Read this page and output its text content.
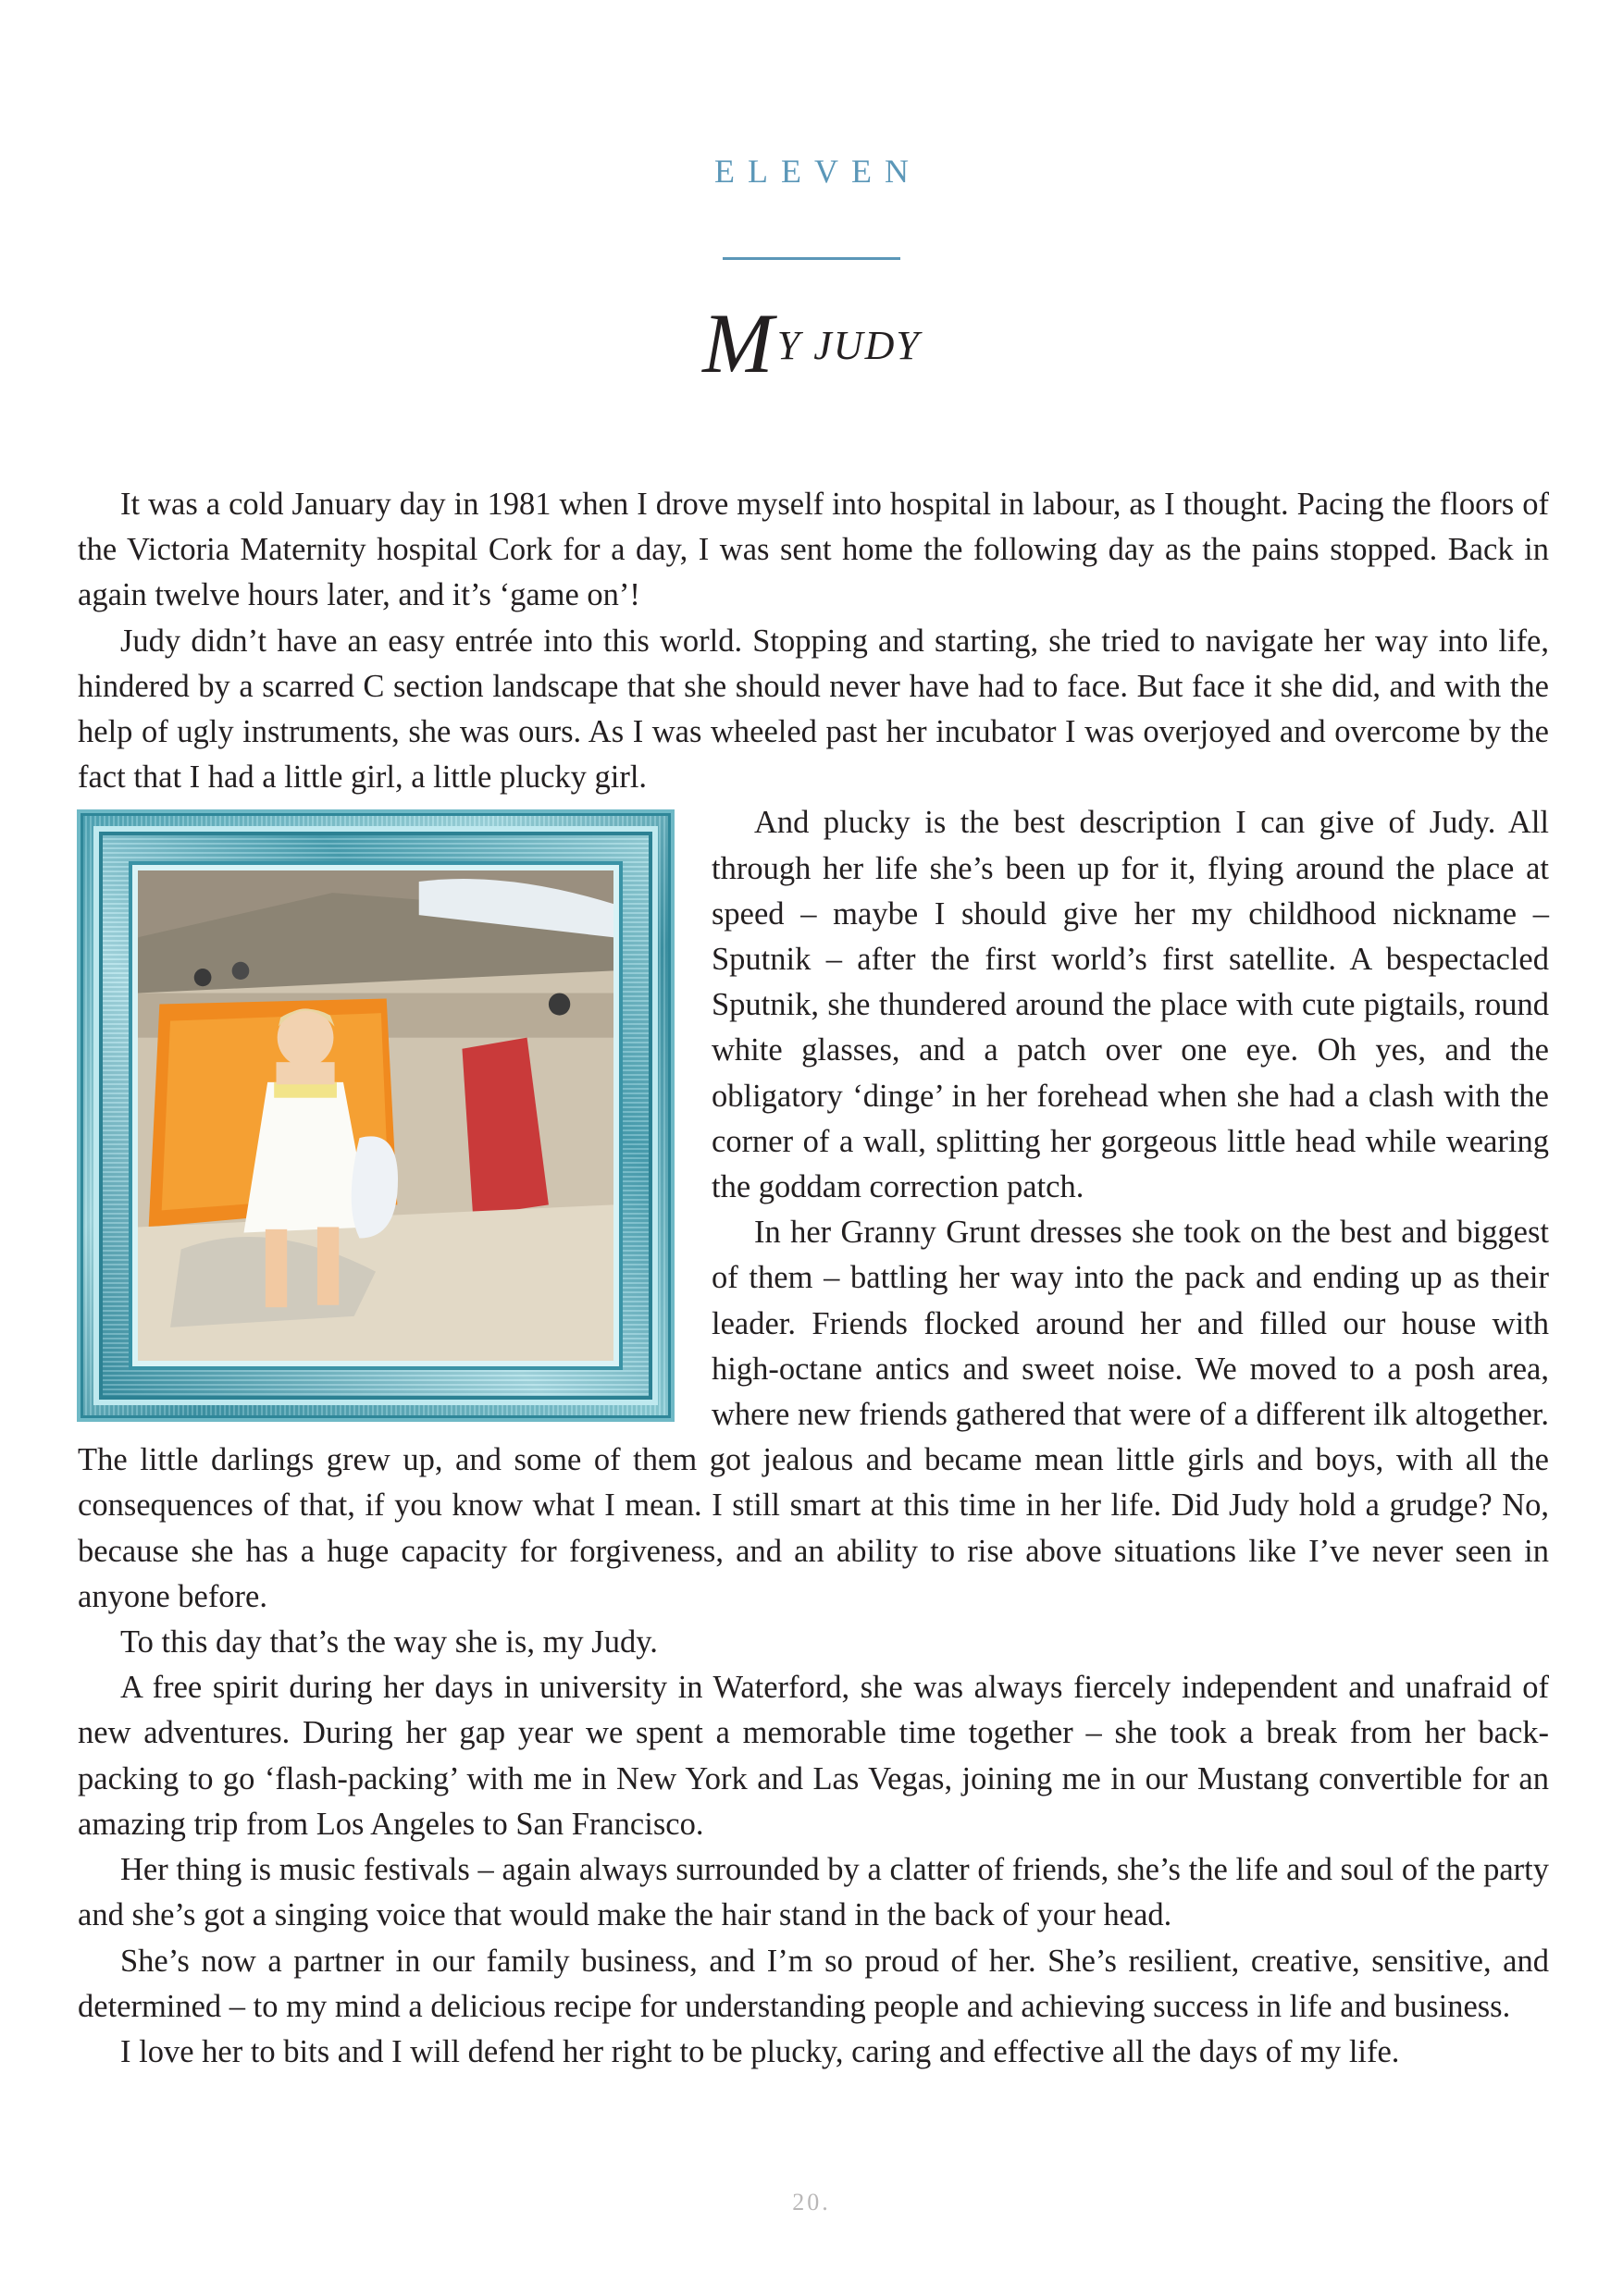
ELEVEN
MY JUDY

It was a cold January day in 1981 when I drove myself into hospital in labour, as I thought. Pacing the floors of the Victoria Maternity hospital Cork for a day, I was sent home the following day as the pains stopped. Back in again twelve hours later, and it’s ‘game on’!

Judy didn’t have an easy entrée into this world. Stopping and starting, she tried to navigate her way into life, hindered by a scarred C section landscape that she should never have had to face. But face it she did, and with the help of ugly instruments, she was ours. As I was wheeled past her incubator I was overjoyed and overcome by the fact that I had a little girl, a little plucky girl.

And plucky is the best description I can give of Judy. All through her life she’s been up for it, flying around the place at speed – maybe I should give her my childhood nickname – Sputnik – after the first world’s first satellite. A bespectacled Sputnik, she thundered around the place with cute pigtails, round white glasses, and a patch over one eye. Oh yes, and the obligatory ‘dinge’ in her forehead when she had a clash with the corner of a wall, splitting her gorgeous little head while wearing the goddam correction patch.

In her Granny Grunt dresses she took on the best and biggest of them – battling her way into the pack and ending up as their leader. Friends flocked around her and filled our house with high-octane antics and sweet noise. We moved to a posh area, where new friends gathered that were of a different ilk altogether. The little darlings grew up, and some of them got jealous and became mean little girls and boys, with all the consequences of that, if you know what I mean. I still smart at this time in her life. Did Judy hold a grudge? No, because she has a huge capacity for forgiveness, and an ability to rise above situations like I’ve never seen in anyone before.

To this day that’s the way she is, my Judy.

A free spirit during her days in university in Waterford, she was always fiercely independent and unafraid of new adventures. During her gap year we spent a memorable time together – she took a break from her back-packing to go ‘flash-packing’ with me in New York and Las Vegas, joining me in our Mustang convertible for an amazing trip from Los Angeles to San Francisco.

Her thing is music festivals – again always surrounded by a clatter of friends, she’s the life and soul of the party and she’s got a singing voice that would make the hair stand in the back of your head.

She’s now a partner in our family business, and I’m so proud of her. She’s resilient, creative, sensitive, and determined – to my mind a delicious recipe for understanding people and achieving success in life and business.

I love her to bits and I will defend her right to be plucky, caring and effective all the days of my life.

20.
